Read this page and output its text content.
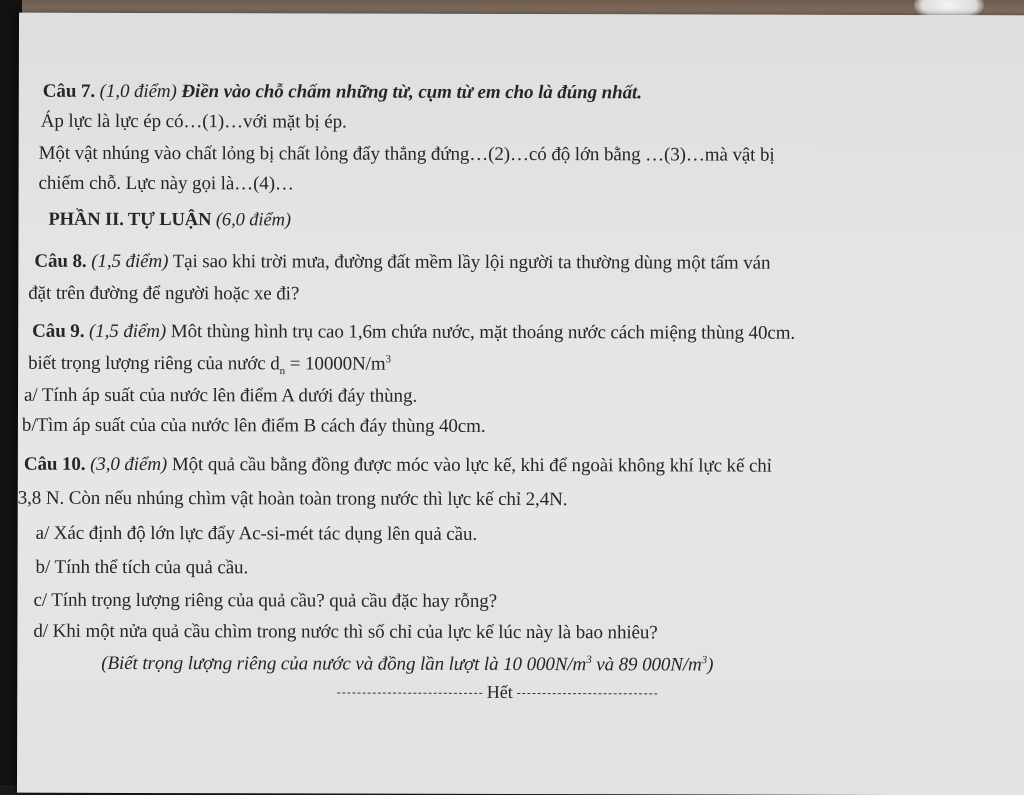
Câu 7. (1,0 điểm) Điền vào chỗ chấm những từ, cụm từ em cho là đúng nhất.
Áp lực là lực ép có…(1)…với mặt bị ép.
Một vật nhúng vào chất lỏng bị chất lỏng đẩy thẳng đứng…(2)…có độ lớn bằng …(3)…mà vật bị
chiếm chỗ. Lực này gọi là…(4)…
PHẦN II. TỰ LUẬN (6,0 điểm)
Câu 8. (1,5 điểm) Tại sao khi trời mưa, đường đất mềm lầy lội người ta thường dùng một tấm ván
đặt trên đường để người hoặc xe đi?
Câu 9. (1,5 điểm) Môt thùng hình trụ cao 1,6m chứa nước, mặt thoáng nước cách miệng thùng 40cm.
biết trọng lượng riêng của nước $d_n = 10000N/m^3$
a/ Tính áp suất của nước lên điểm A dưới đáy thùng.
b/Tìm áp suất của của nước lên điểm B cách đáy thùng 40cm.
Câu 10. (3,0 điểm) Một quả cầu bằng đồng được móc vào lực kế, khi để ngoài không khí lực kế chỉ
3,8 N. Còn nếu nhúng chìm vật hoàn toàn trong nước thì lực kế chỉ 2,4N.
a/ Xác định độ lớn lực đẩy Ac-si-mét tác dụng lên quả cầu.
b/ Tính thể tích của quả cầu.
c/ Tính trọng lượng riêng của quả cầu? quả cầu đặc hay rỗng?
d/ Khi một nửa quả cầu chìm trong nước thì số chỉ của lực kế lúc này là bao nhiêu?
(Biết trọng lượng riêng của nước và đồng lần lượt là 10 $000N/m^3$ và 89 $000N/m^3$)
Hết
